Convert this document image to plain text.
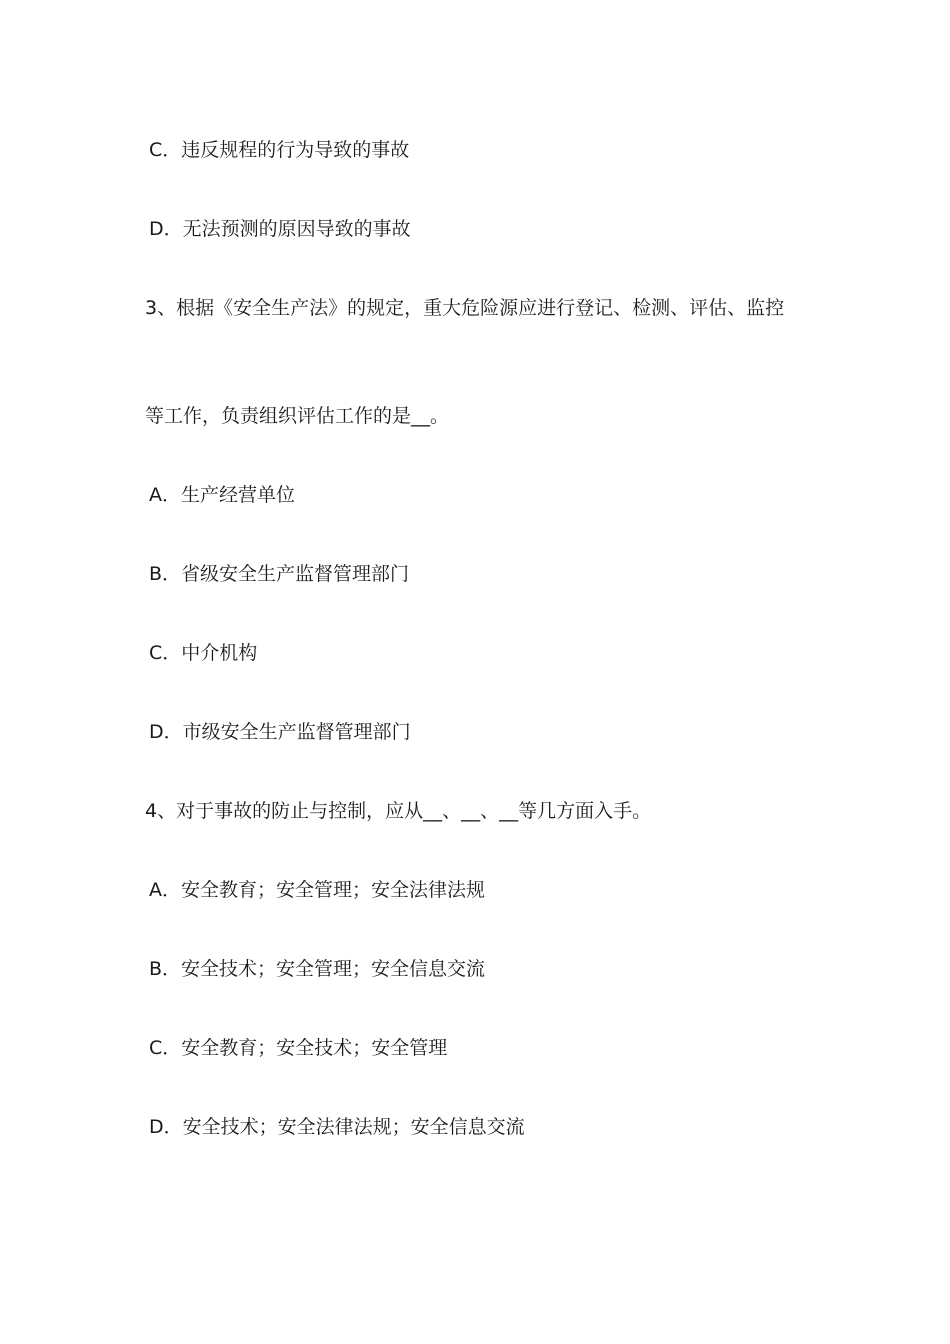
C．违反规程的行为导致的事故
D．无法预测的原因导致的事故
3、根据《安全生产法》的规定，重大危险源应进行登记、检测、评估、监控
等工作，负责组织评估工作的是__。
A．生产经营单位
B．省级安全生产监督管理部门
C．中介机构
D．市级安全生产监督管理部门
4、对于事故的防止与控制，应从__、__、__等几方面入手。
A．安全教育；安全管理；安全法律法规
B．安全技术；安全管理；安全信息交流
C．安全教育；安全技术；安全管理
D．安全技术；安全法律法规；安全信息交流
